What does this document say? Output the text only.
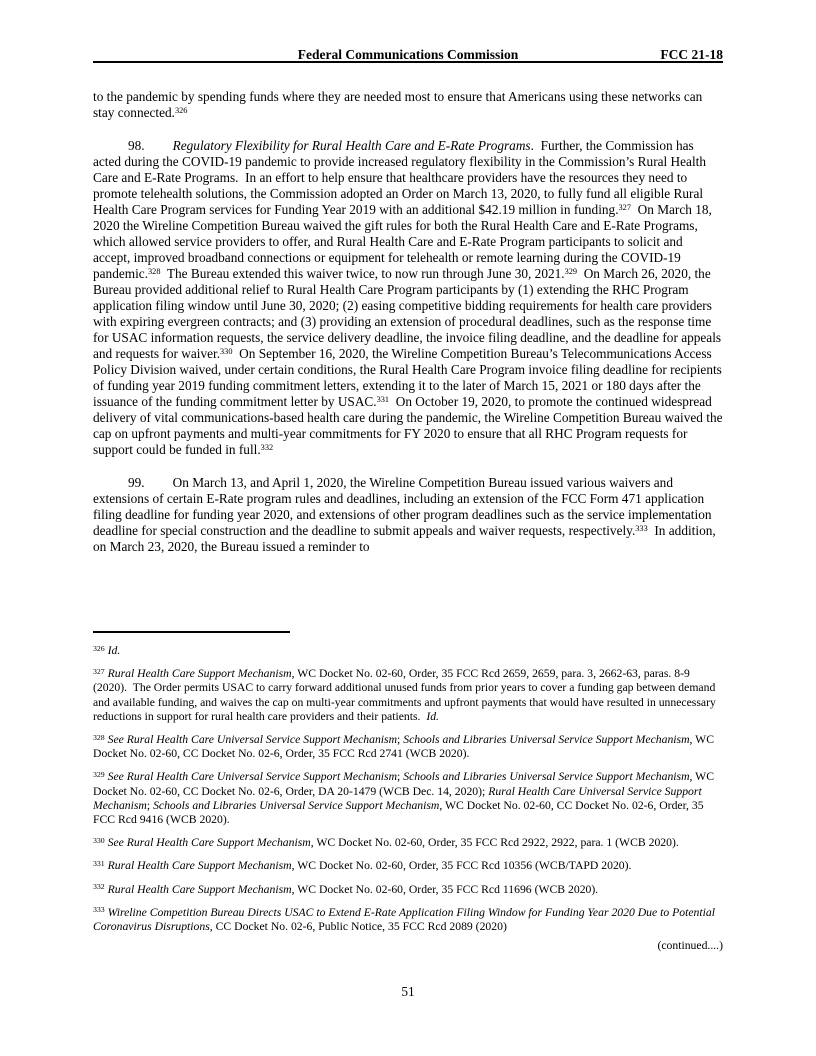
Federal Communications Commission	FCC 21-18
to the pandemic by spending funds where they are needed most to ensure that Americans using these networks can stay connected.$^{326}$
98. Regulatory Flexibility for Rural Health Care and E-Rate Programs.  Further, the Commission has acted during the COVID-19 pandemic to provide increased regulatory flexibility in the Commission’s Rural Health Care and E-Rate Programs.  In an effort to help ensure that healthcare providers have the resources they need to promote telehealth solutions, the Commission adopted an Order on March 13, 2020, to fully fund all eligible Rural Health Care Program services for Funding Year 2019 with an additional $42.19 million in funding.$^{327}$  On March 18, 2020 the Wireline Competition Bureau waived the gift rules for both the Rural Health Care and E-Rate Programs, which allowed service providers to offer, and Rural Health Care and E-Rate Program participants to solicit and accept, improved broadband connections or equipment for telehealth or remote learning during the COVID-19 pandemic.$^{328}$  The Bureau extended this waiver twice, to now run through June 30, 2021.$^{329}$  On March 26, 2020, the Bureau provided additional relief to Rural Health Care Program participants by (1) extending the RHC Program application filing window until June 30, 2020; (2) easing competitive bidding requirements for health care providers with expiring evergreen contracts; and (3) providing an extension of procedural deadlines, such as the response time for USAC information requests, the service delivery deadline, the invoice filing deadline, and the deadline for appeals and requests for waiver.$^{330}$  On September 16, 2020, the Wireline Competition Bureau’s Telecommunications Access Policy Division waived, under certain conditions, the Rural Health Care Program invoice filing deadline for recipients of funding year 2019 funding commitment letters, extending it to the later of March 15, 2021 or 180 days after the issuance of the funding commitment letter by USAC.$^{331}$  On October 19, 2020, to promote the continued widespread delivery of vital communications-based health care during the pandemic, the Wireline Competition Bureau waived the cap on upfront payments and multi-year commitments for FY 2020 to ensure that all RHC Program requests for support could be funded in full.$^{332}$
99. On March 13, and April 1, 2020, the Wireline Competition Bureau issued various waivers and extensions of certain E-Rate program rules and deadlines, including an extension of the FCC Form 471 application filing deadline for funding year 2020, and extensions of other program deadlines such as the service implementation deadline for special construction and the deadline to submit appeals and waiver requests, respectively.$^{333}$  In addition, on March 23, 2020, the Bureau issued a reminder to
$^{326}$ Id.
$^{327}$ Rural Health Care Support Mechanism, WC Docket No. 02-60, Order, 35 FCC Rcd 2659, 2659, para. 3, 2662-63, paras. 8-9 (2020).  The Order permits USAC to carry forward additional unused funds from prior years to cover a funding gap between demand and available funding, and waives the cap on multi-year commitments and upfront payments that would have resulted in unnecessary reductions in support for rural health care providers and their patients.  Id.
$^{328}$ See Rural Health Care Universal Service Support Mechanism; Schools and Libraries Universal Service Support Mechanism, WC Docket No. 02-60, CC Docket No. 02-6, Order, 35 FCC Rcd 2741 (WCB 2020).
$^{329}$ See Rural Health Care Universal Service Support Mechanism; Schools and Libraries Universal Service Support Mechanism, WC Docket No. 02-60, CC Docket No. 02-6, Order, DA 20-1479 (WCB Dec. 14, 2020); Rural Health Care Universal Service Support Mechanism; Schools and Libraries Universal Service Support Mechanism, WC Docket No. 02-60, CC Docket No. 02-6, Order, 35 FCC Rcd 9416 (WCB 2020).
$^{330}$ See Rural Health Care Support Mechanism, WC Docket No. 02-60, Order, 35 FCC Rcd 2922, 2922, para. 1 (WCB 2020).
$^{331}$ Rural Health Care Support Mechanism, WC Docket No. 02-60, Order, 35 FCC Rcd 10356 (WCB/TAPD 2020).
$^{332}$ Rural Health Care Support Mechanism, WC Docket No. 02-60, Order, 35 FCC Rcd 11696 (WCB 2020).
$^{333}$ Wireline Competition Bureau Directs USAC to Extend E-Rate Application Filing Window for Funding Year 2020 Due to Potential Coronavirus Disruptions, CC Docket No. 02-6, Public Notice, 35 FCC Rcd 2089 (2020)
(continued....)
51
